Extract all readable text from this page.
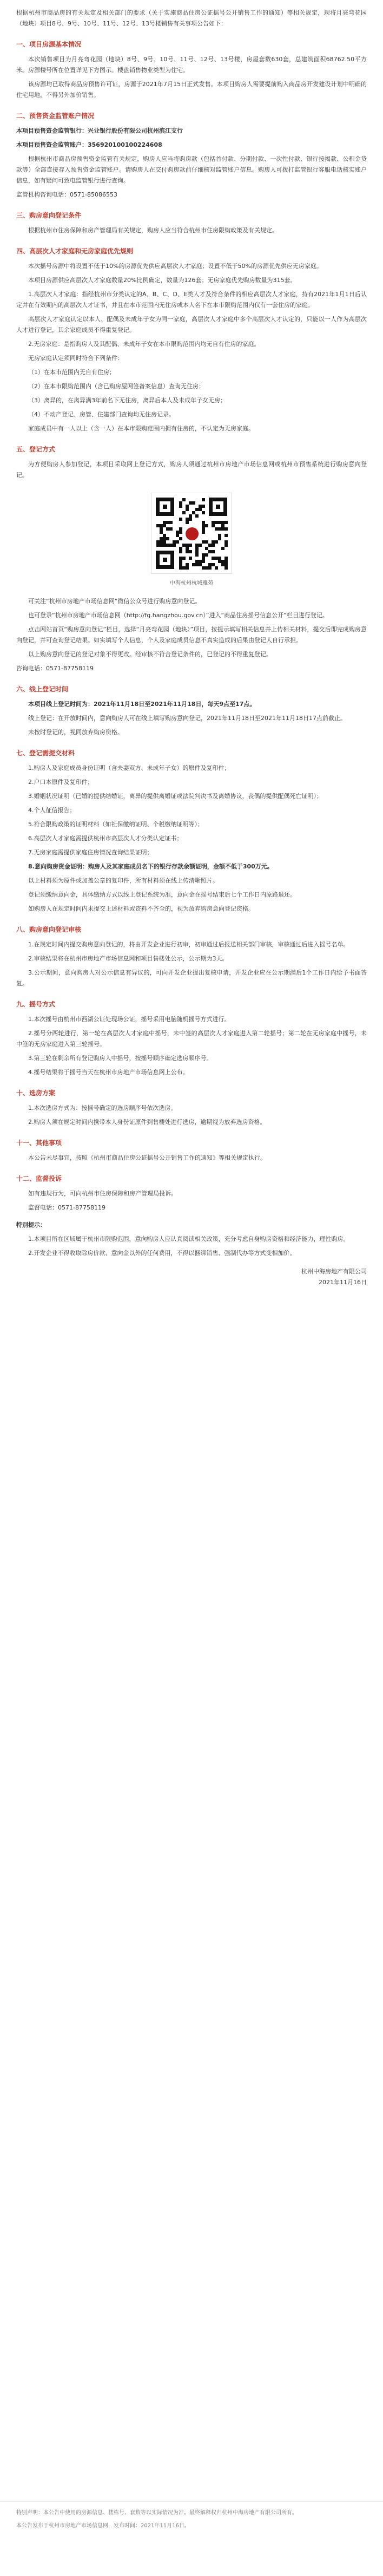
根据杭州市商品房的有关规定及相关部门的要求（关于实施商品住房公证摇号公开销售工作的通知）等相关规定，现将月亮弯花园（地块）项目8号、9号、10号、11号、12号、13号楼销售有关事项公告如下：

一、项目房源基本情况

本次销售项目为月亮弯花园（地块）8号、9号、10号、11号、12号、13号楼，房屋套数630套，总建筑面积68762.50平方米。房源楼号所在位置详见下方图示。楼盘销售物业类型为住宅。

该房源均已取得商品房预售许可证，房源于2021年7月15日正式发售。本项目购房人需要提前购入商品房开发建设计划中明确的住宅用地，不得另外加价销售。

二、预售资金监管账户情况

本项目预售资金监管银行：兴业银行股份有限公司杭州滨江支行

本项目预售资金监管账户：356920100100224608

根据杭州市商品房预售资金监管有关规定，购房人应当将购房款（包括首付款、分期付款、一次性付款、银行按揭款、公积金贷款等）全部直接存入预售资金监管账户。请购房人在交付购房款前仔细核对监管账户信息。购房人可拨打监管银行客服电话核实账户信息，如有疑问可致电监管银行进行查询。

监管机构咨询电话：0571-85086553

三、购房意向登记条件

根据杭州市住房保障和房产管理局有关规定，购房人应当符合杭州市住房限购政策及有关规定。

四、高层次人才家庭和无房家庭优先规则

本次摇号房源中将设置不低于10%的房源优先供应高层次人才家庭；设置不低于50%的房源优先供应无房家庭。

本项目房源供应高层次人才家庭数量20%比例确定，数量为126套；无房家庭优先购房数量为315套。

1.高层次人才家庭：指经杭州市分类认定的A、B、C、D、E类人才及符合条件的相应高层次人才家庭，持有2021年1月1日后认定并在有效期内的高层次人才证书，并且在本市范围内无住房或本人名下在本市限购范围内仅有一套住房的家庭。

高层次人才家庭认定以本人、配偶及未成年子女为同一家庭，高层次人才家庭中多个高层次人才认定的，只能以一人作为高层次人才进行登记，其余家庭成员不得重复登记。

2.无房家庭：是指购房人及其配偶、未成年子女在本市限购范围内均无自有住房的家庭。

无房家庭认定须同时符合下列条件：

（1）在本市范围内无自有住房；

（2）在本市限购范围内（含已购房屋网签备案信息）查询无住房；

（3）离异的，在离异满3年前名下无住房，离异后本人及未成年子女无房；

（4）不动产登记、房管、住建部门查询均无住房记录。

家庭成员中有一人以上（含一人）在本市限购范围内拥有住房的，不认定为无房家庭。

五、登记方式

为方便购房人参加登记，本项目采取网上登记方式，购房人须通过杭州市房地产市场信息网或杭州市预售系统进行购房意向登记。

中海杭州杭城雅苑

可关注“杭州市房地产市场信息网”微信公众号进行购房意向登记。

也可登录“杭州市房地产市场信息网（http://fg.hangzhou.gov.cn）”进入“商品住房摇号信息公开”栏目进行登记。

点击网站首页“购房意向登记”栏目，选择“月亮弯花园（地块）”项目，按提示填写相关信息并上传相关材料，提交后即完成购房意向登记，并可查询登记结果。如实填写个人信息，个人及家庭成员信息不真实造成的后果由登记人自行承担。

以上购房意向登记的登记对象不得更改。经审核不符合登记条件的，已登记的不得重复登记。

咨询电话：0571-87758119

六、线上登记时间

本项目线上登记时间为：2021年11月18日至2021年11月18日，每天9点至17点。

线上登记：在开放时间内，意向购房人可在线上填写购房意向登记，2021年11月18日至2021年11月18日17点前截止。

未按时登记的，视同放弃购房资格。

七、登记需提交材料

1.购房人及家庭成员身份证明（含夫妻双方、未成年子女）的原件及复印件；

2.户口本原件及复印件；

3.婚姻状况证明（已婚的提供结婚证，离异的提供离婚证或法院判决书及离婚协议，丧偶的提供配偶死亡证明）；

4.个人征信报告；

5.符合限购政策的证明材料（如社保缴纳证明、个税缴纳证明等）；

6.高层次人才家庭需提供杭州市高层次人才分类认定证书；

7.无房家庭需提供家庭住房情况查询结果证明；

8.意向购房资金证明：购房人及其家庭成员名下的银行存款余额证明，金额不低于300万元。

以上材料须为原件或加盖公章的复印件，所有材料须在线上传清晰照片。

登记须缴纳意向金，具体缴纳方式以线上登记系统为准，意向金在摇号结束后七个工作日内原路退还。

如购房人在规定时间内未提交上述材料或资料不齐全的，视为放弃购房意向登记资格。

八、购房意向登记审核

1.在规定时间内提交购房意向登记的，将由开发企业进行初审，初审通过后报送相关部门审核，审核通过后进入摇号名单。

2.审核结果将在杭州市房地产市场信息网和项目售楼处公示，公示期为3天。

3.公示期间，意向购房人对公示信息有异议的，可向开发企业提出复核申请，开发企业应在公示期满后1个工作日内给予书面答复。

九、摇号方式

1.本次摇号由杭州市西湖公证处现场公证，摇号采用电脑随机摇号方式进行。

2.摇号分两轮进行，第一轮在高层次人才家庭中摇号，未中签的高层次人才家庭进入第二轮摇号；第二轮在无房家庭中摇号，未中签的无房家庭进入第三轮摇号。

3.第三轮在剩余所有登记购房人中摇号，按摇号顺序确定选房顺序号。

4.摇号结果将于摇号当天在杭州市房地产市场信息网上公布。

十、选房方案

1.本次选房方式为：按摇号确定的选房顺序号依次选房。

2.购房人须在规定时间内携带本人身份证原件到售楼处进行选房，逾期视为放弃选房资格。

十一、其他事项

本公告未尽事宜，按照《杭州市商品住房公证摇号公开销售工作的通知》等相关规定执行。

十二、监督投诉

如有违规行为，可向杭州市住房保障和房产管理局投诉。

监督电话：0571-87758119

特别提示：

1.本项目所在区域属于杭州市限购范围，意向购房人应认真阅读相关政策，充分考虑自身购房资格和经济能力，理性购房。

2.开发企业不得收取除房价款、意向金以外的任何费用，不得以捆绑销售、强制代办等方式变相加价。

杭州中海房地产有限公司
2021年11月16日

特别声明：本公告中使用的房源信息、楼栋号、套数等以实际情况为准。最终解释权归杭州中海房地产有限公司所有。

本公告发布于杭州市房地产市场信息网，发布时间：2021年11月16日。
